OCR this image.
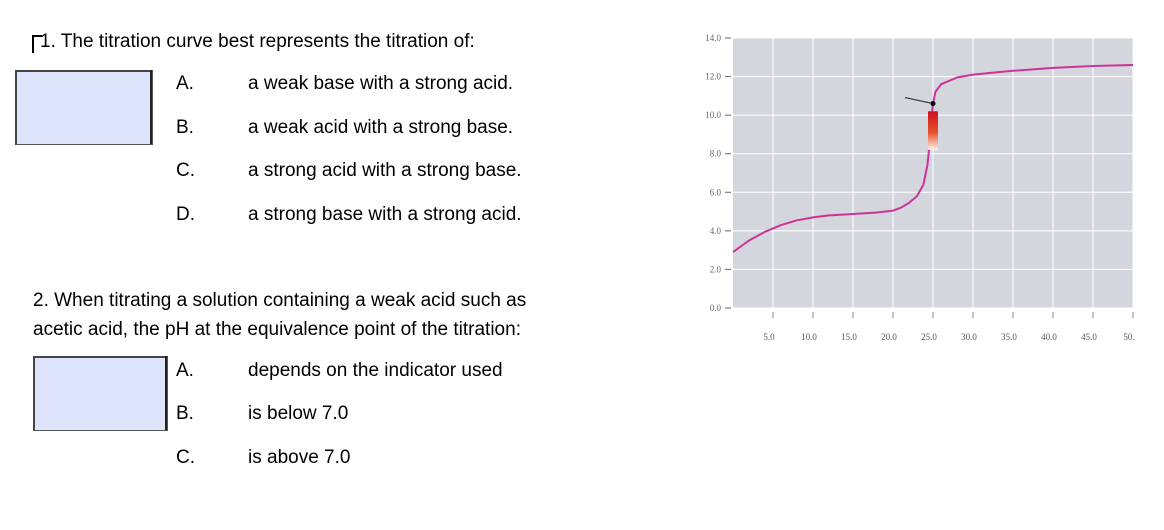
1. The titration curve best represents the titration of:
A.	a weak base with a strong acid.
B.	a weak acid with a strong base.
C.	a strong acid with a strong base.
D.	a strong base with a strong acid.
2. When titrating a solution containing a weak acid such as
acetic acid, the pH at the equivalence point of the titration:
A.	depends on the indicator used
B.	is below 7.0
C.	is above 7.0
14.0
12.0
10.0
8.0
6.0
4.0
2.0
0.0
5.0	10.0	15.0	20.0	25.0	30.0	35.0	40.0	45.0	50.
